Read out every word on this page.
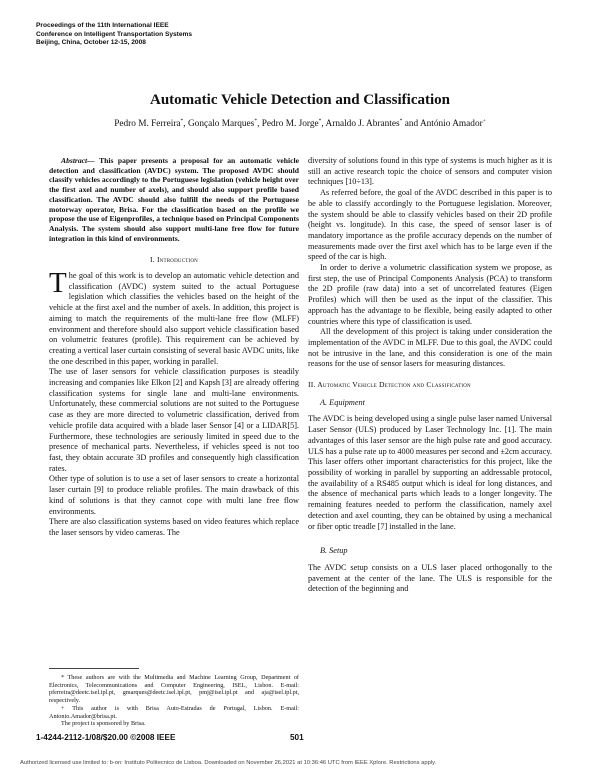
Proceedings of the 11th International IEEE
Conference on Intelligent Transportation Systems
Beijing, China, October 12-15, 2008
Automatic Vehicle Detection and Classification
Pedro M. Ferreira*, Gonçalo Marques*, Pedro M. Jorge*, Arnaldo J. Abrantes* and António Amador+

Abstract— This paper presents a proposal for an automatic vehicle detection and classification (AVDC) system. The proposed AVDC should classify vehicles accordingly to the Portuguese legislation (vehicle height over the first axel and number of axels), and should also support profile based classification. The AVDC should also fulfill the needs of the Portuguese motorway operator, Brisa. For the classification based on the profile we propose the use of Eigenprofiles, a technique based on Principal Components Analysis. The system should also support multi-lane free flow for future integration in this kind of environments.

I. Introduction

The goal of this work is to develop an automatic vehicle detection and classification (AVDC) system suited to the actual Portuguese legislation which classifies the vehicles based on the height of the vehicle at the first axel and the number of axels. In addition, this project is aiming to match the requirements of the multi-lane free flow (MLFF) environment and therefore should also support vehicle classification based on volumetric features (profile). This requirement can be achieved by creating a vertical laser curtain consisting of several basic AVDC units, like the one described in this paper, working in parallel.

The use of laser sensors for vehicle classification purposes is steadily increasing and companies like Elkon [2] and Kapsh [3] are already offering classification systems for single lane and multi-lane environments. Unfortunately, these commercial solutions are not suited to the Portuguese case as they are more directed to volumetric classification, derived from vehicle profile data acquired with a blade laser Sensor [4] or a LIDAR[5]. Furthermore, these technologies are seriously limited in speed due to the presence of mechanical parts. Nevertheless, if vehicles speed is not too fast, they obtain accurate 3D profiles and consequently high classification rates.

Other type of solution is to use a set of laser sensors to create a horizontal laser curtain [9] to produce reliable profiles. The main drawback of this kind of solutions is that they cannot cope with multi lane free flow environments.

There are also classification systems based on video features which replace the laser sensors by video cameras. The

* These authors are with the Multimedia and Machine Learning Group, Department of Electronics, Telecommunications and Computer Engineering, ISEL, Lisbon. E-mail: pferreira@deetc.isel.ipl.pt, gmarques@deetc.isel.ipl.pt, pmj@isel.ipl.pt and aja@isel.ipl.pt, respectively.

+ This author is with Brisa Auto-Estradas de Portugal, Lisbon. E-mail: Antonio.Amador@brisa.pt.

The project is sponsored by Brisa.

diversity of solutions found in this type of systems is much higher as it is still an active research topic the choice of sensors and computer vision techniques [10÷13].

As referred before, the goal of the AVDC described in this paper is to be able to classify accordingly to the Portuguese legislation. Moreover, the system should be able to classify vehicles based on their 2D profile (height vs. longitude). In this case, the speed of sensor laser is of mandatory importance as the profile accuracy depends on the number of measurements made over the first axel which has to be large even if the speed of the car is high.

In order to derive a volumetric classification system we propose, as first step, the use of Principal Components Analysis (PCA) to transform the 2D profile (raw data) into a set of uncorrelated features (Eigen Profiles) which will then be used as the input of the classifier. This approach has the advantage to be flexible, being easily adapted to other countries where this type of classification is used.

All the development of this project is taking under consideration the implementation of the AVDC in MLFF. Due to this goal, the AVDC could not be intrusive in the lane, and this consideration is one of the main reasons for the use of sensor lasers for measuring distances.

II. Automatic Vehicle Detection and Classification
A. Equipment

The AVDC is being developed using a single pulse laser named Universal Laser Sensor (ULS) produced by Laser Technology Inc. [1]. The main advantages of this laser sensor are the high pulse rate and good accuracy. ULS has a pulse rate up to 4000 measures per second and ±2cm accuracy. This laser offers other important characteristics for this project, like the possibility of working in parallel by supporting an addressable protocol, the availability of a RS485 output which is ideal for long distances, and the absence of mechanical parts which leads to a longer longevity. The remaining features needed to perform the classification, namely axel detection and axel counting, they can be obtained by using a mechanical or fiber optic treadle [7] installed in the lane.

B. Setup

The AVDC setup consists on a ULS laser placed orthogonally to the pavement at the center of the lane. The ULS is responsible for the detection of the beginning and

1-4244-2112-1/08/$20.00 ©2008 IEEE	501
Authorized licensed use limited to: b-on: Instituto Politecnico de Lisboa. Downloaded on November 26,2021 at 10:36:46 UTC from IEEE Xplore. Restrictions apply.
